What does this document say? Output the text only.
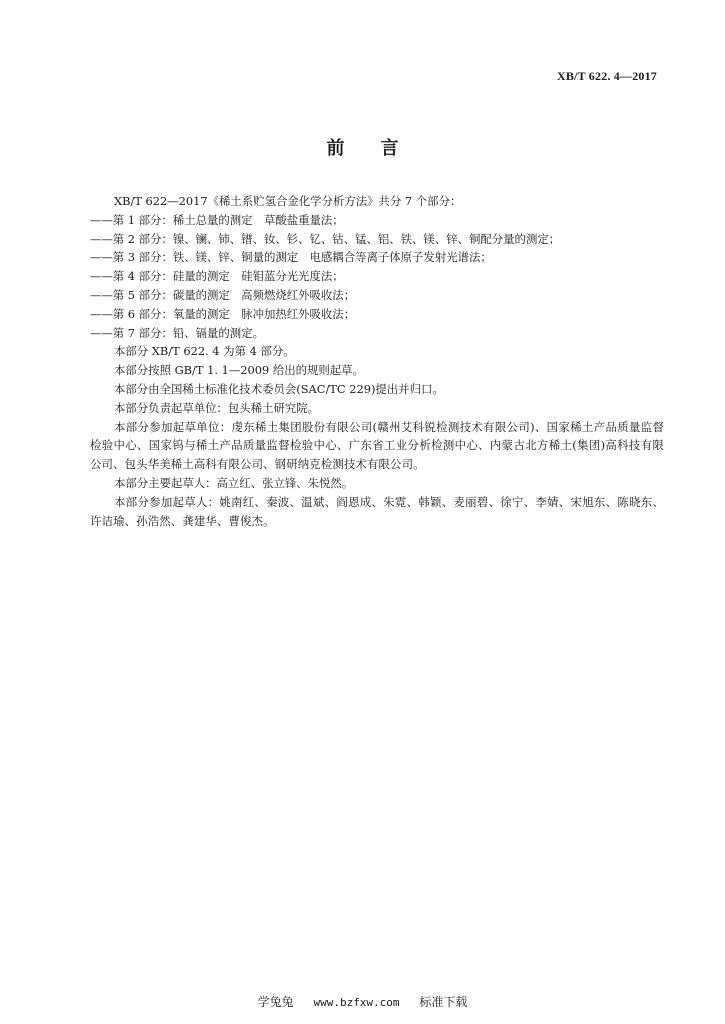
XB/T 622. 4—2017
前言
XB/T 622—2017《稀土系贮氢合金化学分析方法》共分 7 个部分：
——第 1 部分：稀土总量的测定　草酸盐重量法；
——第 2 部分：镍、镧、铈、镨、钕、钐、钇、钴、锰、铝、铁、镁、锌、铜配分量的测定；
——第 3 部分：铁、镁、锌、铜量的测定　电感耦合等离子体原子发射光谱法；
——第 4 部分：硅量的测定　硅钼蓝分光光度法；
——第 5 部分：碳量的测定　高频燃烧红外吸收法；
——第 6 部分：氧量的测定　脉冲加热红外吸收法；
——第 7 部分：铅、镉量的测定。
本部分 XB/T 622. 4 为第 4 部分。
本部分按照 GB/T 1. 1—2009 给出的规则起草。
本部分由全国稀土标准化技术委员会(SAC/TC 229)提出并归口。
本部分负责起草单位：包头稀土研究院。
本部分参加起草单位：虔东稀土集团股份有限公司(赣州艾科锐检测技术有限公司)、国家稀土产品质量监督检验中心、国家钨与稀土产品质量监督检验中心、广东省工业分析检测中心、内蒙古北方稀土(集团)高科技有限公司、包头华美稀土高科有限公司、钢研纳克检测技术有限公司。
本部分主要起草人：高立红、张立锋、朱悦然。
本部分参加起草人：姚南红、秦波、温斌、阎恩成、朱霓、韩颖、麦丽碧、徐宁、李婧、宋旭东、陈晓东、许诘瑜、孙浩然、龚建华、曹俊杰。
学兔兔 www.bzfxw.com 标准下载
